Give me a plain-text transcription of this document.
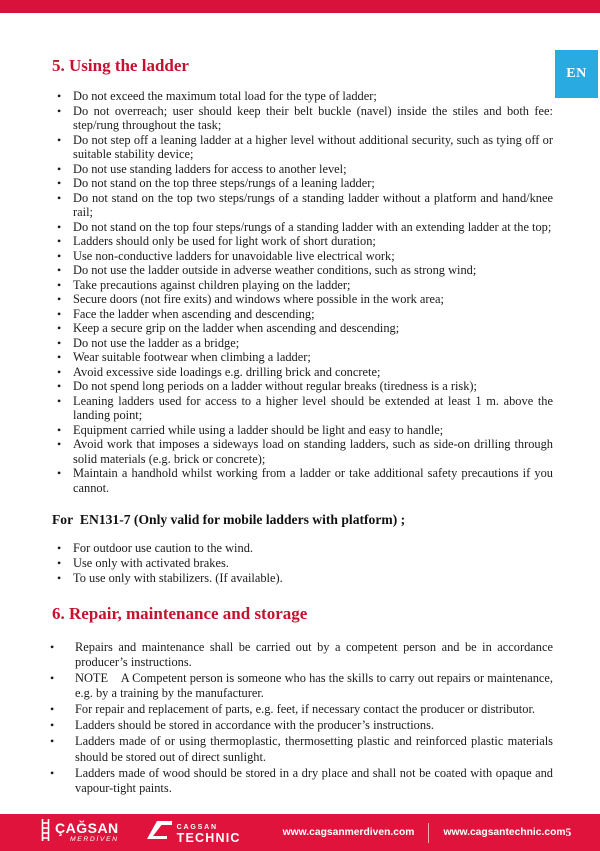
EN
5. Using the ladder
• Do not exceed the maximum total load for the type of ladder;
• Do not overreach; user should keep their belt buckle (navel) inside the stiles and both fee: step/rung throughout the task;
• Do not step off a leaning ladder at a higher level without additional security, such as tying off or suitable stability device;
• Do not use standing ladders for access to another level;
• Do not stand on the top three steps/rungs of a leaning ladder;
• Do not stand on the top two steps/rungs of a standing ladder without a platform and hand/knee rail;
• Do not stand on the top four steps/rungs of a standing ladder with an extending ladder at the top;
• Ladders should only be used for light work of short duration;
• Use non-conductive ladders for unavoidable live electrical work;
• Do not use the ladder outside in adverse weather conditions, such as strong wind;
• Take precautions against children playing on the ladder;
• Secure doors (not fire exits) and windows where possible in the work area;
• Face the ladder when ascending and descending;
• Keep a secure grip on the ladder when ascending and descending;
• Do not use the ladder as a bridge;
• Wear suitable footwear when climbing a ladder;
• Avoid excessive side loadings e.g. drilling brick and concrete;
• Do not spend long periods on a ladder without regular breaks (tiredness is a risk);
• Leaning ladders used for access to a higher level should be extended at least 1 m. above the landing point;
• Equipment carried while using a ladder should be light and easy to handle;
• Avoid work that imposes a sideways load on standing ladders, such as side-on drilling through solid materials (e.g. brick or concrete);
• Maintain a handhold whilst working from a ladder or take additional safety precautions if you cannot.
For  EN131-7 (Only valid for mobile ladders with platform) ;
• For outdoor use caution to the wind.
• Use only with activated brakes.
• To use only with stabilizers. (If available).
6. Repair, maintenance and storage
• Repairs and maintenance shall be carried out by a competent person and be in accordance producer’s instructions.
• NOTE    A Competent person is someone who has the skills to carry out repairs or maintenance, e.g. by a training by the manufacturer.
• For repair and replacement of parts, e.g. feet, if necessary contact the producer or distributor.
• Ladders should be stored in accordance with the producer’s instructions.
• Ladders made of or using thermoplastic, thermosetting plastic and reinforced plastic materials should be stored out of direct sunlight.
• Ladders made of wood should be stored in a dry place and shall not be coated with opaque and vapour-tight paints.
ÇAĞSAN
MERDİVEN
CAGSAN
TECHNIC	www.cagsanmerdiven.com	www.cagsantechnic.com 5
